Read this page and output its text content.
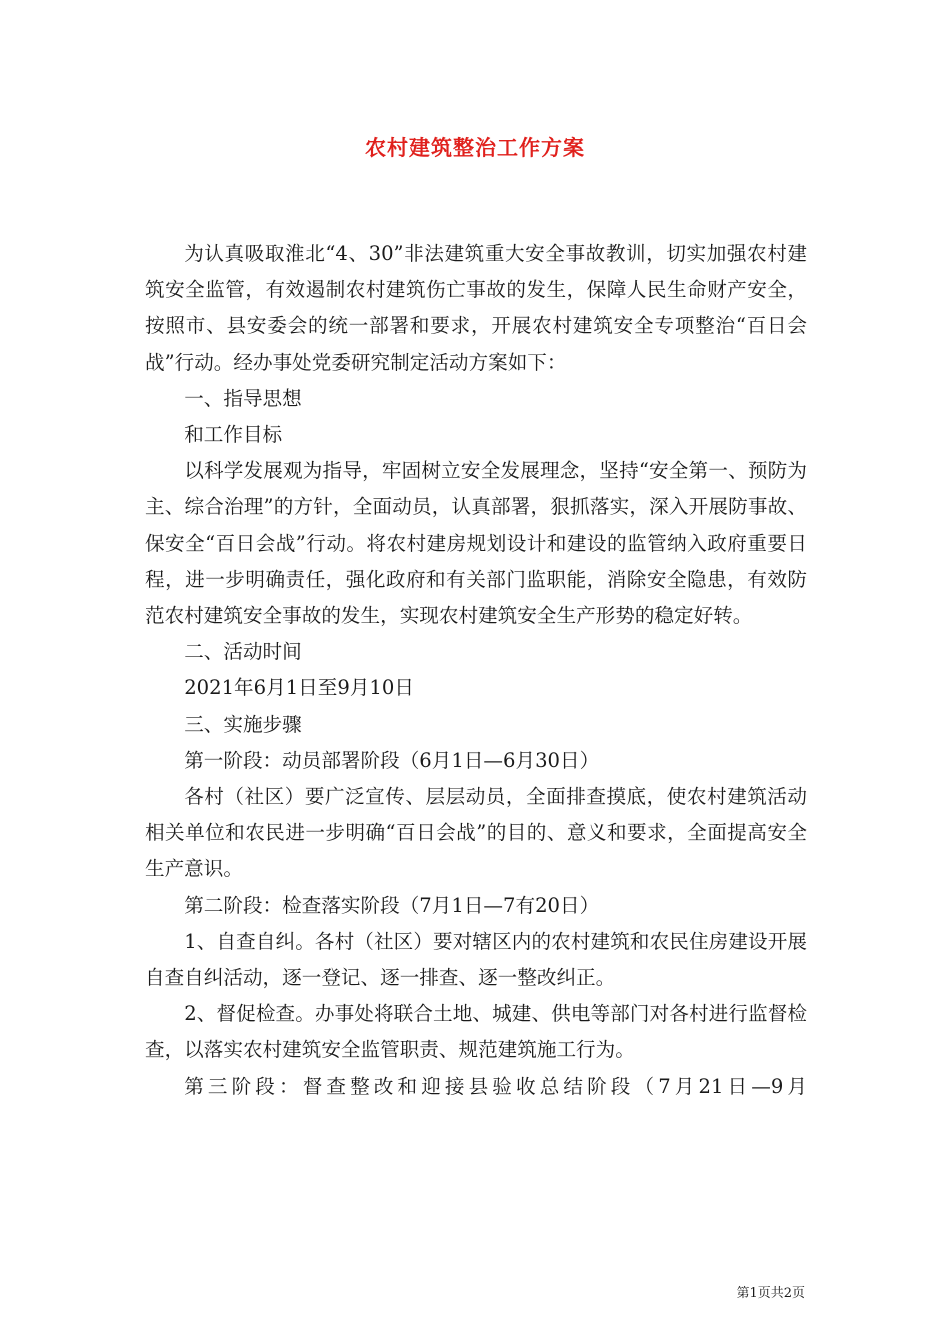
农村建筑整治工作方案

为认真吸取淮北“4、30”非法建筑重大安全事故教训，切实加强农村建筑安全监管，有效遏制农村建筑伤亡事故的发生，保障人民生命财产安全，按照市、县安委会的统一部署和要求，开展农村建筑安全专项整治“百日会战”行动。经办事处党委研究制定活动方案如下：

一、指导思想

和工作目标

以科学发展观为指导，牢固树立安全发展理念，坚持“安全第一、预防为主、综合治理”的方针，全面动员，认真部署，狠抓落实，深入开展防事故、保安全“百日会战”行动。将农村建房规划设计和建设的监管纳入政府重要日程，进一步明确责任，强化政府和有关部门监职能，消除安全隐患，有效防范农村建筑安全事故的发生，实现农村建筑安全生产形势的稳定好转。

二、活动时间

2021年6月1日至9月10日

三、实施步骤

第一阶段：动员部署阶段（6月1日—6月30日）

各村（社区）要广泛宣传、层层动员，全面排查摸底，使农村建筑活动相关单位和农民进一步明确“百日会战”的目的、意义和要求，全面提高安全生产意识。

第二阶段：检查落实阶段（7月1日—7有20日）

1、自查自纠。各村（社区）要对辖区内的农村建筑和农民住房建设开展自查自纠活动，逐一登记、逐一排查、逐一整改纠正。

2、督促检查。办事处将联合土地、城建、供电等部门对各村进行监督检查，以落实农村建筑安全监管职责、规范建筑施工行为。

第三阶段：督查整改和迎接县验收总结阶段（7月21日—9月

第1页共2页
